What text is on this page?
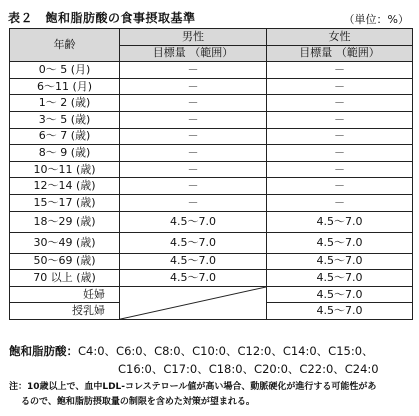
表２　飽和脂肪酸の食事摂取基準	（単位：%）
年齢	男性	女性
	目標量 （範囲）	目標量 （範囲）
0～ 5 (月)	－	－
6～11 (月)	－	－
1～ 2 (歳)	－	－
3～ 5 (歳)	－	－
6～ 7 (歳)	－	－
8～ 9 (歳)	－	－
10～11 (歳)	－	－
12～14 (歳)	－	－
15～17 (歳)	－	－
18～29 (歳)	4.5～7.0	4.5～7.0
30～49 (歳)	4.5～7.0	4.5～7.0
50～69 (歳)	4.5～7.0	4.5～7.0
70 以上 (歳)	4.5～7.0	4.5～7.0
妊婦		4.5～7.0
授乳婦		4.5～7.0
飽和脂肪酸：C4:0、C6:0、C8:0、C10:0、C12:0、C14:0、C15:0、
C16:0、C17:0、C18:0、C20:0、C22:0、C24:0
注：10歳以上で、血中LDL-コレステロール値が高い場合、動脈硬化が進行する可能性があ
るので、飽和脂肪摂取量の制限を含めた対策が望まれる。
